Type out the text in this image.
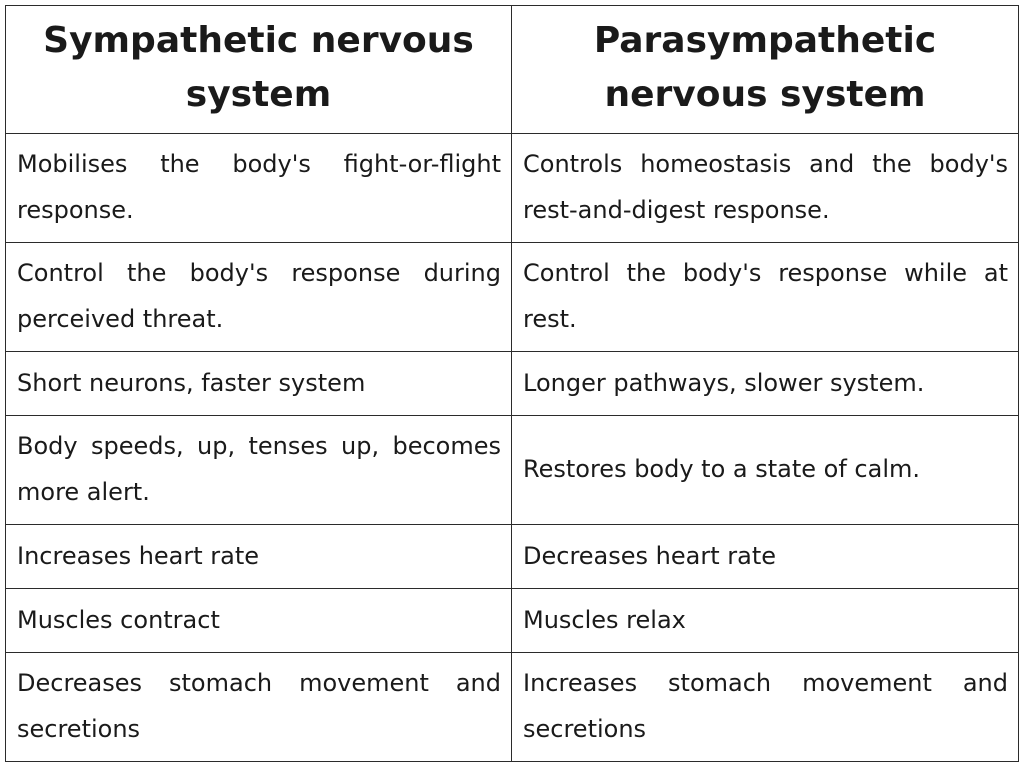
Sympathetic nervous system	Parasympathetic nervous system
Mobilises the body's fight-or-flight response.	Controls homeostasis and the body's rest-and-digest response.
Control the body's response during perceived threat.	Control the body's response while at rest.
Short neurons, faster system	Longer pathways, slower system.
Body speeds, up, tenses up, becomes more alert.	Restores body to a state of calm.
Increases heart rate	Decreases heart rate
Muscles contract	Muscles relax
Decreases stomach movement and secretions	Increases stomach movement and secretions
